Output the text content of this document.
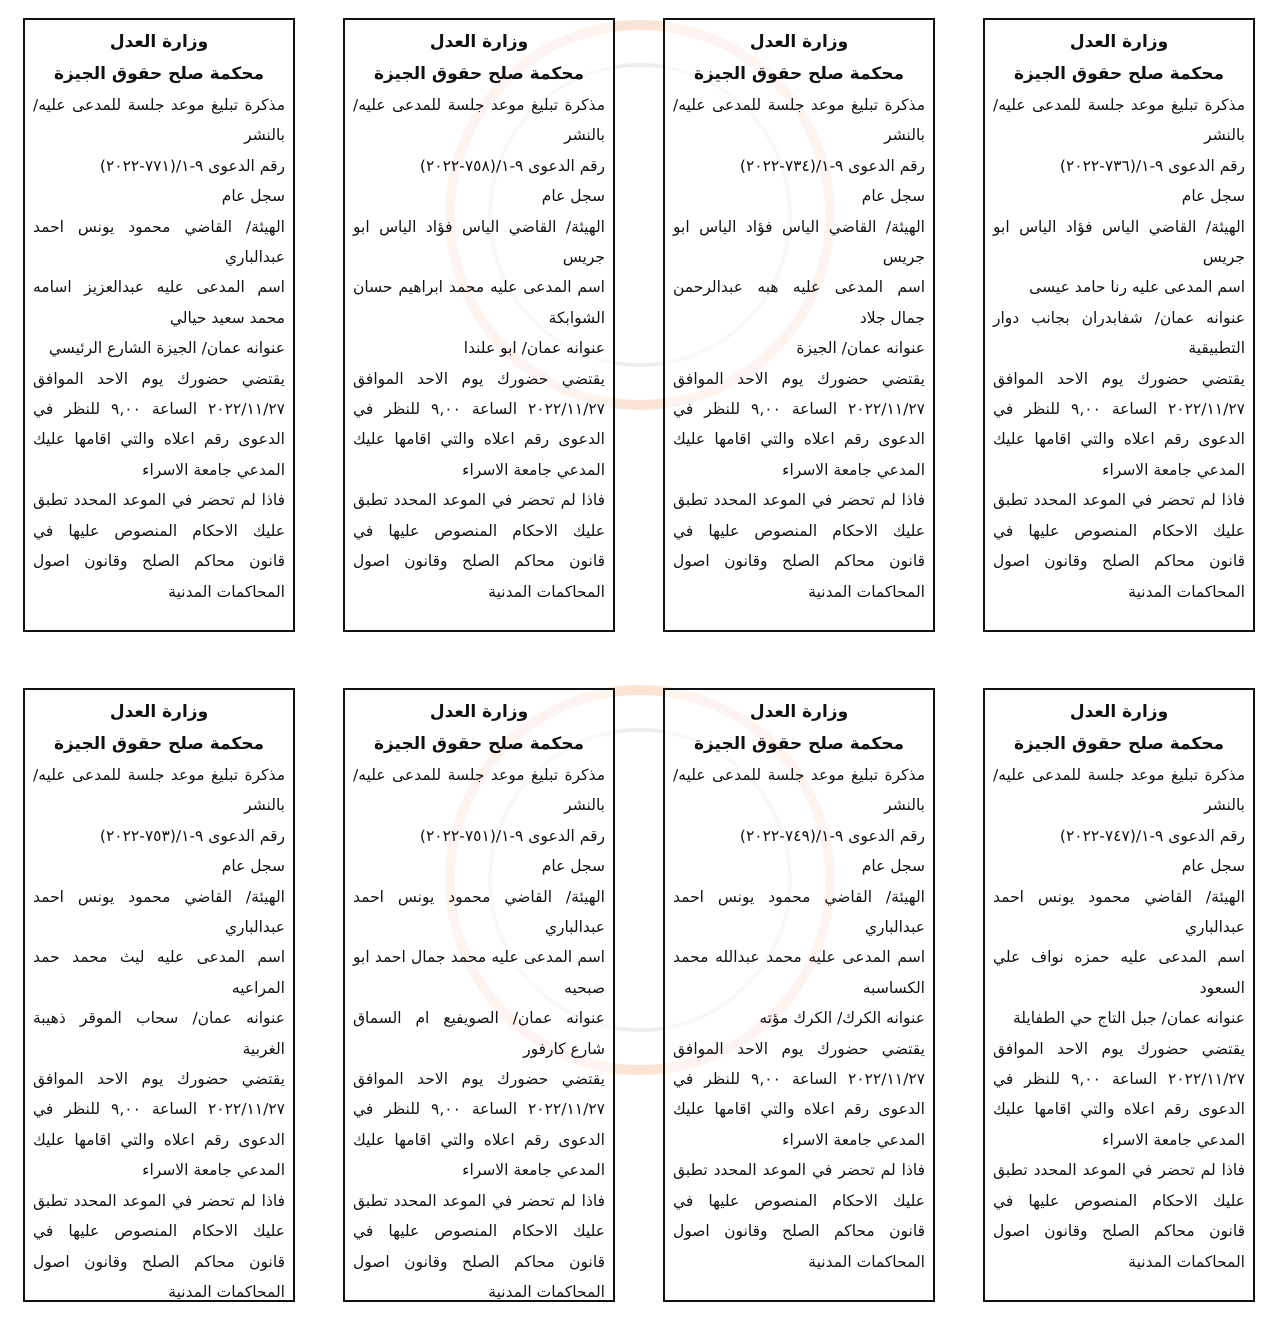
وزارة العدل
محكمة صلح حقوق الجيزة
مذكرة تبليغ موعد جلسة للمدعى عليه/ بالنشر
رقم الدعوى ٩-١/(٧٣٦-٢٠٢٢)
سجل عام
الهيئة/ القاضي الياس فؤاد الياس ابو جريس
اسم المدعى عليه رنا حامد عيسى
عنوانه عمان/ شفابدران بجانب دوار التطبيقية
يقتضي حضورك يوم الاحد الموافق ٢٠٢٢/١١/٢٧ الساعة ٩,٠٠ للنظر في الدعوى رقم اعلاه والتي اقامها عليك المدعي جامعة الاسراء
فاذا لم تحضر في الموعد المحدد تطبق عليك الاحكام المنصوص عليها في قانون محاكم الصلح وقانون اصول المحاكمات المدنية
وزارة العدل
محكمة صلح حقوق الجيزة
مذكرة تبليغ موعد جلسة للمدعى عليه/ بالنشر
رقم الدعوى ٩-١/(٧٣٤-٢٠٢٢)
سجل عام
الهيئة/ القاضي الياس فؤاد الياس ابو جريس
اسم المدعى عليه هبه عبدالرحمن جمال جلاد
عنوانه عمان/ الجيزة
يقتضي حضورك يوم الاحد الموافق ٢٠٢٢/١١/٢٧ الساعة ٩,٠٠ للنظر في الدعوى رقم اعلاه والتي اقامها عليك المدعي جامعة الاسراء
فاذا لم تحضر في الموعد المحدد تطبق عليك الاحكام المنصوص عليها في قانون محاكم الصلح وقانون اصول المحاكمات المدنية
وزارة العدل
محكمة صلح حقوق الجيزة
مذكرة تبليغ موعد جلسة للمدعى عليه/ بالنشر
رقم الدعوى ٩-١/(٧٥٨-٢٠٢٢)
سجل عام
الهيئة/ القاضي الياس فؤاد الياس ابو جريس
اسم المدعى عليه محمد ابراهيم حسان الشوابكة
عنوانه عمان/ ابو علندا
يقتضي حضورك يوم الاحد الموافق ٢٠٢٢/١١/٢٧ الساعة ٩,٠٠ للنظر في الدعوى رقم اعلاه والتي اقامها عليك المدعي جامعة الاسراء
فاذا لم تحضر في الموعد المحدد تطبق عليك الاحكام المنصوص عليها في قانون محاكم الصلح وقانون اصول المحاكمات المدنية
وزارة العدل
محكمة صلح حقوق الجيزة
مذكرة تبليغ موعد جلسة للمدعى عليه/ بالنشر
رقم الدعوى ٩-١/(٧٧١-٢٠٢٢)
سجل عام
الهيئة/ القاضي محمود يونس احمد عبدالباري
اسم المدعى عليه عبدالعزيز اسامه محمد سعيد حيالي
عنوانه عمان/ الجيزة الشارع الرئيسي
يقتضي حضورك يوم الاحد الموافق ٢٠٢٢/١١/٢٧ الساعة ٩,٠٠ للنظر في الدعوى رقم اعلاه والتي اقامها عليك المدعي جامعة الاسراء
فاذا لم تحضر في الموعد المحدد تطبق عليك الاحكام المنصوص عليها في قانون محاكم الصلح وقانون اصول المحاكمات المدنية
وزارة العدل
محكمة صلح حقوق الجيزة
مذكرة تبليغ موعد جلسة للمدعى عليه/ بالنشر
رقم الدعوى ٩-١/(٧٤٧-٢٠٢٢)
سجل عام
الهيئة/ القاضي محمود يونس احمد عبدالباري
اسم المدعى عليه حمزه نواف علي السعود
عنوانه عمان/ جبل التاج حي الطفايلة
يقتضي حضورك يوم الاحد الموافق ٢٠٢٢/١١/٢٧ الساعة ٩,٠٠ للنظر في الدعوى رقم اعلاه والتي اقامها عليك المدعي جامعة الاسراء
فاذا لم تحضر في الموعد المحدد تطبق عليك الاحكام المنصوص عليها في قانون محاكم الصلح وقانون اصول المحاكمات المدنية
وزارة العدل
محكمة صلح حقوق الجيزة
مذكرة تبليغ موعد جلسة للمدعى عليه/ بالنشر
رقم الدعوى ٩-١/(٧٤٩-٢٠٢٢)
سجل عام
الهيئة/ القاضي محمود يونس احمد عبدالباري
اسم المدعى عليه محمد عبدالله محمد الكساسبه
عنوانه الكرك/ الكرك مؤته
يقتضي حضورك يوم الاحد الموافق ٢٠٢٢/١١/٢٧ الساعة ٩,٠٠ للنظر في الدعوى رقم اعلاه والتي اقامها عليك المدعي جامعة الاسراء
فاذا لم تحضر في الموعد المحدد تطبق عليك الاحكام المنصوص عليها في قانون محاكم الصلح وقانون اصول المحاكمات المدنية
وزارة العدل
محكمة صلح حقوق الجيزة
مذكرة تبليغ موعد جلسة للمدعى عليه/ بالنشر
رقم الدعوى ٩-١/(٧٥١-٢٠٢٢)
سجل عام
الهيئة/ القاضي محمود يونس احمد عبدالباري
اسم المدعى عليه محمد جمال احمد ابو صبحيه
عنوانه عمان/ الصويفيع ام السماق شارع كارفور
يقتضي حضورك يوم الاحد الموافق ٢٠٢٢/١١/٢٧ الساعة ٩,٠٠ للنظر في الدعوى رقم اعلاه والتي اقامها عليك المدعي جامعة الاسراء
فاذا لم تحضر في الموعد المحدد تطبق عليك الاحكام المنصوص عليها في قانون محاكم الصلح وقانون اصول المحاكمات المدنية
وزارة العدل
محكمة صلح حقوق الجيزة
مذكرة تبليغ موعد جلسة للمدعى عليه/ بالنشر
رقم الدعوى ٩-١/(٧٥٣-٢٠٢٢)
سجل عام
الهيئة/ القاضي محمود يونس احمد عبدالباري
اسم المدعى عليه ليث محمد حمد المراعيه
عنوانه عمان/ سحاب الموقر ذهيبة الغربية
يقتضي حضورك يوم الاحد الموافق ٢٠٢٢/١١/٢٧ الساعة ٩,٠٠ للنظر في الدعوى رقم اعلاه والتي اقامها عليك المدعي جامعة الاسراء
فاذا لم تحضر في الموعد المحدد تطبق عليك الاحكام المنصوص عليها في قانون محاكم الصلح وقانون اصول المحاكمات المدنية
